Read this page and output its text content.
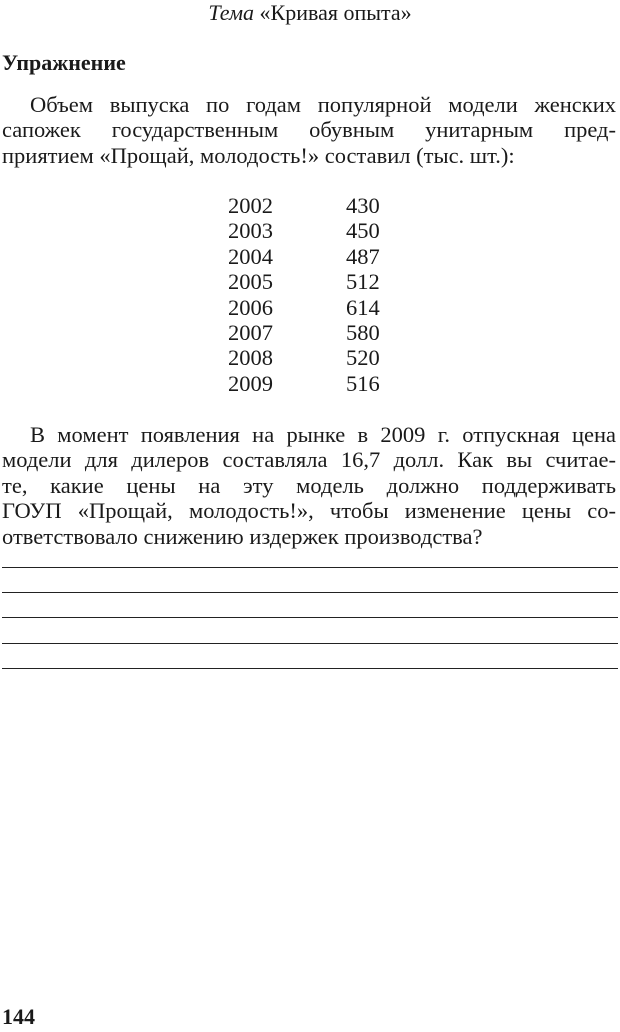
Тема «Кривая опыта»
Упражнение
Объем выпуска по годам популярной модели женских
сапожек государственным обувным унитарным пред-
приятием «Прощай, молодость!» составил (тыс. шт.):
2002	430
2003	450
2004	487
2005	512
2006	614
2007	580
2008	520
2009	516
В момент появления на рынке в 2009 г. отпускная цена
модели для дилеров составляла 16,7 долл. Как вы считае-
те, какие цены на эту модель должно поддерживать
ГОУП «Прощай, молодость!», чтобы изменение цены со-
ответствовало снижению издержек производства?
144
